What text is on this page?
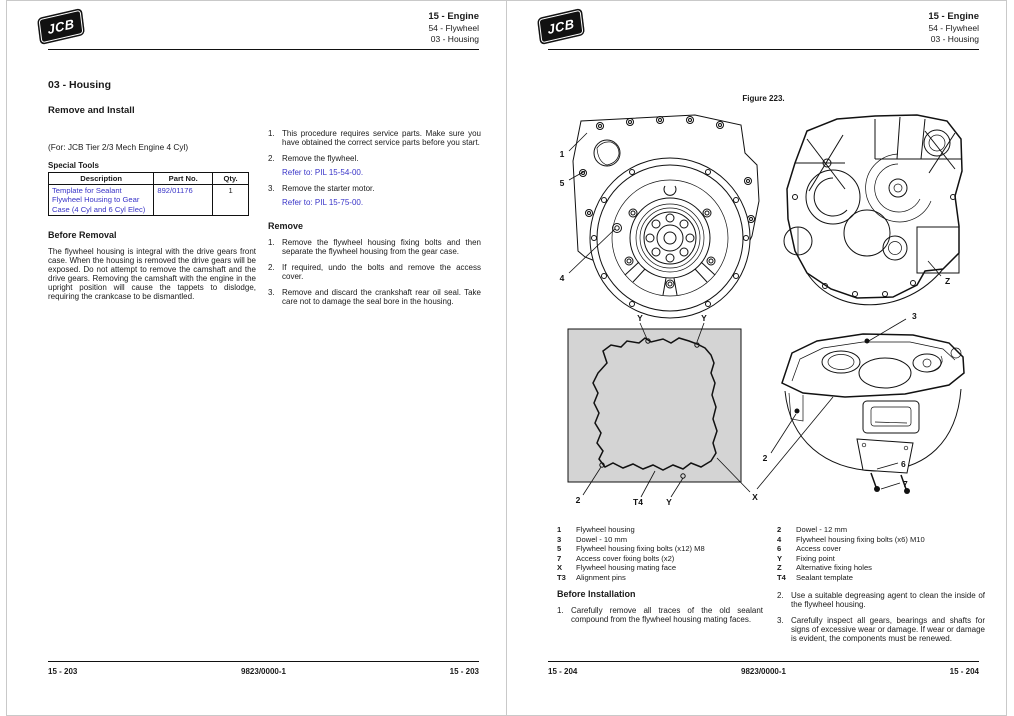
JCB	15 - Engine
54 - Flywheel
03 - Housing
03 - Housing
Remove and Install
(For: JCB Tier 2/3 Mech Engine 4 Cyl)
Special Tools
Description	Part No.	Qty.
Template for Sealant Flywheel Housing to Gear Case (4 Cyl and 6 Cyl Elec)	892/01176	1
Before Removal
The flywheel housing is integral with the drive gears front case. When the housing is removed the drive gears will be exposed. Do not attempt to remove the camshaft and the drive gears. Removing the camshaft with the engine in the upright position will cause the tappets to dislodge, requiring the crankcase to be dismantled.
1. This procedure requires service parts. Make sure you have obtained the correct service parts before you start.
2. Remove the flywheel.
Refer to: PIL 15-54-00.
3. Remove the starter motor.
Refer to: PIL 15-75-00.
Remove
1. Remove the flywheel housing fixing bolts and then separate the flywheel housing from the gear case.
2. If required, undo the bolts and remove the access cover.
3. Remove and discard the crankshaft rear oil seal. Take care not to damage the seal bore in the housing.
15 - 203	9823/0000-1	15 - 203
JCB	15 - Engine
54 - Flywheel
03 - Housing
Figure 223.
1
5
4	Z
Y	Y	3
2	T4	Y	X
2
6
7
1	Flywheel housing
3	Dowel - 10 mm
5	Flywheel housing fixing bolts (x12) M8
7	Access cover fixing bolts (x2)
X	Flywheel housing mating face
T3	Alignment pins
2	Dowel - 12 mm
4	Flywheel housing fixing bolts (x6) M10
6	Access cover
Y	Fixing point
Z	Alternative fixing holes
T4	Sealant template
Before Installation
1. Carefully remove all traces of the old sealant compound from the flywheel housing mating faces.
2. Use a suitable degreasing agent to clean the inside of the flywheel housing.
3. Carefully inspect all gears, bearings and shafts for signs of excessive wear or damage. If wear or damage is evident, the components must be renewed.
15 - 204	9823/0000-1	15 - 204
